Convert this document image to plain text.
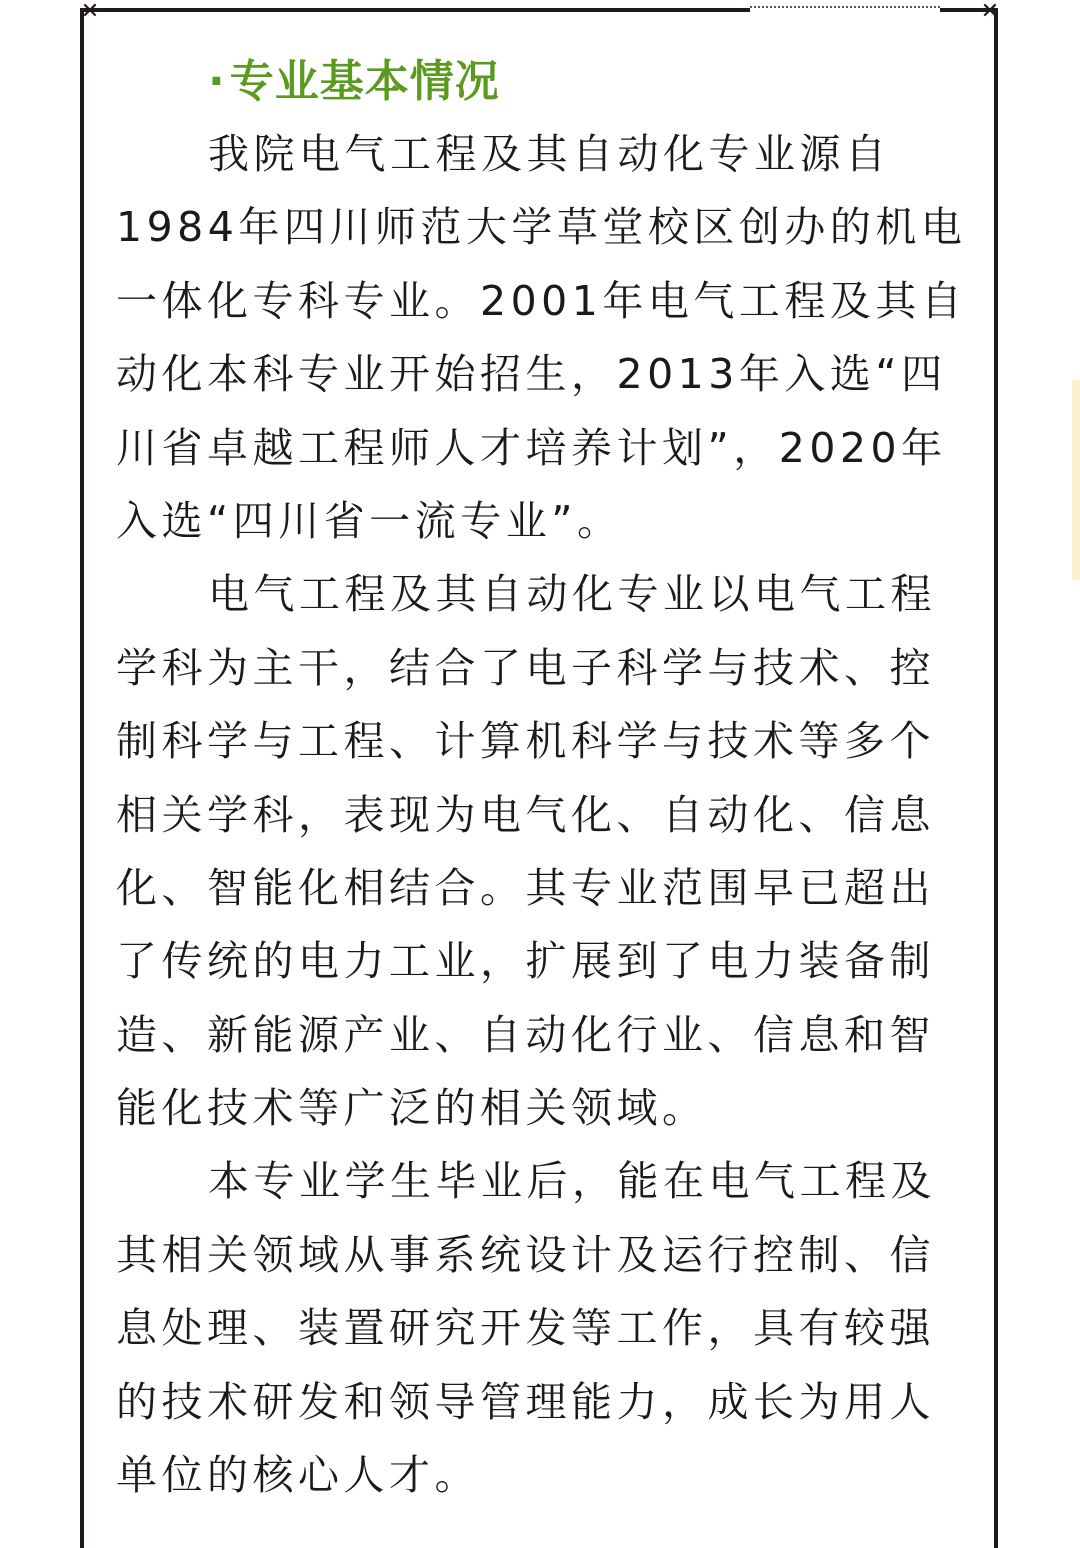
✕	✕
·专业基本情况
我院电气工程及其自动化专业源自
1984年四川师范大学草堂校区创办的机电
一体化专科专业。2001年电气工程及其自
动化本科专业开始招生，2013年入选“四
川省卓越工程师人才培养计划”，2020年
入选“四川省一流专业”。
电气工程及其自动化专业以电气工程
学科为主干，结合了电子科学与技术、控
制科学与工程、计算机科学与技术等多个
相关学科，表现为电气化、自动化、信息
化、智能化相结合。其专业范围早已超出
了传统的电力工业，扩展到了电力装备制
造、新能源产业、自动化行业、信息和智
能化技术等广泛的相关领域。
本专业学生毕业后，能在电气工程及
其相关领域从事系统设计及运行控制、信
息处理、装置研究开发等工作，具有较强
的技术研发和领导管理能力，成长为用人
单位的核心人才。
